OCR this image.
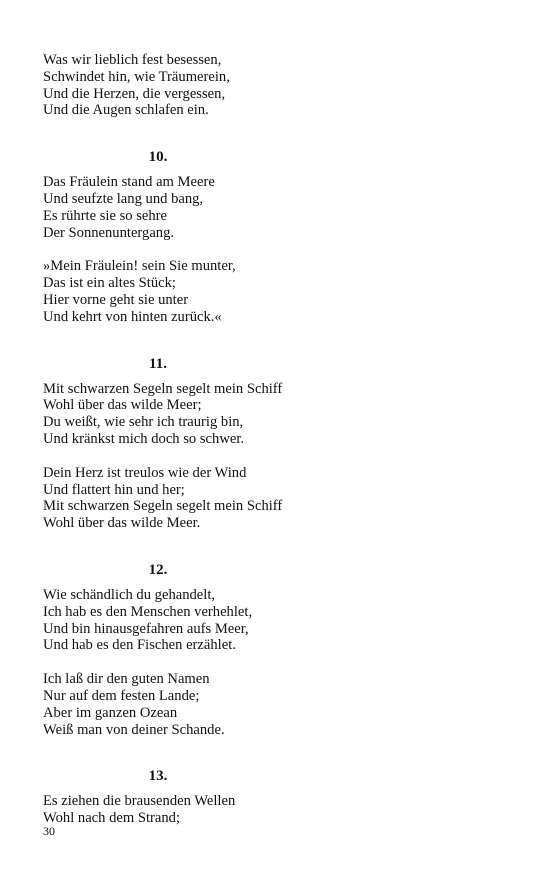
Was wir lieblich fest besessen,
Schwindet hin, wie Träumerein,
Und die Herzen, die vergessen,
Und die Augen schlafen ein.
10.
Das Fräulein stand am Meere
Und seufzte lang und bang,
Es rührte sie so sehre
Der Sonnenuntergang.
»Mein Fräulein! sein Sie munter,
Das ist ein altes Stück;
Hier vorne geht sie unter
Und kehrt von hinten zurück.«
11.
Mit schwarzen Segeln segelt mein Schiff
Wohl über das wilde Meer;
Du weißt, wie sehr ich traurig bin,
Und kränkst mich doch so schwer.
Dein Herz ist treulos wie der Wind
Und flattert hin und her;
Mit schwarzen Segeln segelt mein Schiff
Wohl über das wilde Meer.
12.
Wie schändlich du gehandelt,
Ich hab es den Menschen verhehlet,
Und bin hinausgefahren aufs Meer,
Und hab es den Fischen erzählet.
Ich laß dir den guten Namen
Nur auf dem festen Lande;
Aber im ganzen Ozean
Weiß man von deiner Schande.
13.
Es ziehen die brausenden Wellen
Wohl nach dem Strand;
30
